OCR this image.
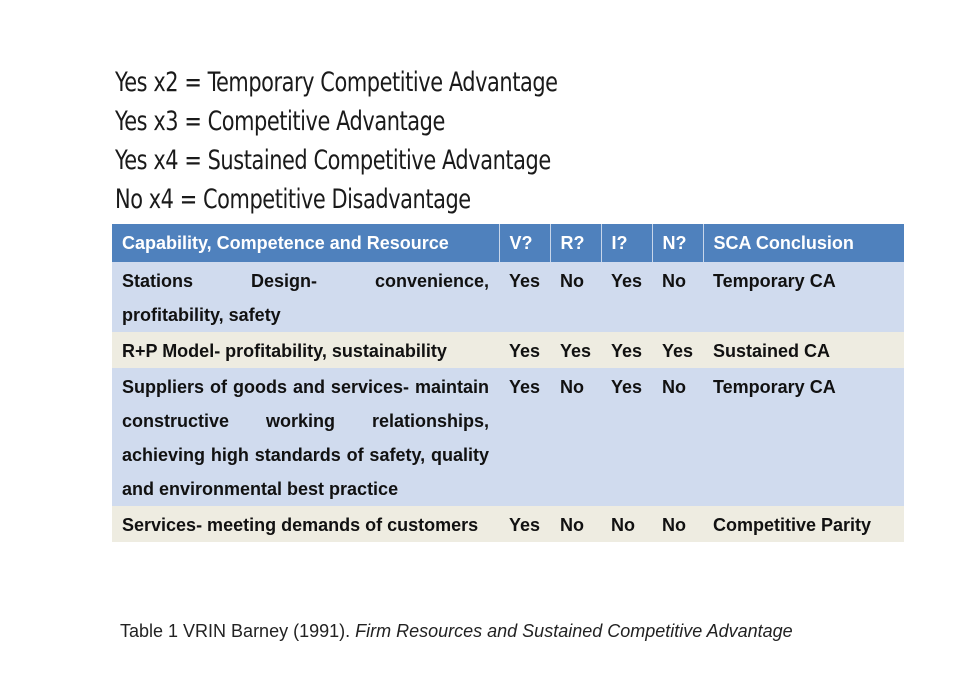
Yes x2 = Temporary Competitive Advantage
Yes x3 = Competitive Advantage
Yes x4 = Sustained Competitive Advantage
No x4 = Competitive Disadvantage
Capability, Competence and Resource	V?	R?	I?	N?	SCA Conclusion
Stations Design- convenience, profitability, safety	Yes	No	Yes	No	Temporary CA
R+P Model- profitability, sustainability	Yes	Yes	Yes	Yes	Sustained CA
Suppliers of goods and services- maintain constructive working relationships, achieving high standards of safety, quality and environmental best practice	Yes	No	Yes	No	Temporary CA
Services- meeting demands of customers	Yes	No	No	No	Competitive Parity
Table 1 VRIN Barney (1991). Firm Resources and Sustained Competitive Advantage
